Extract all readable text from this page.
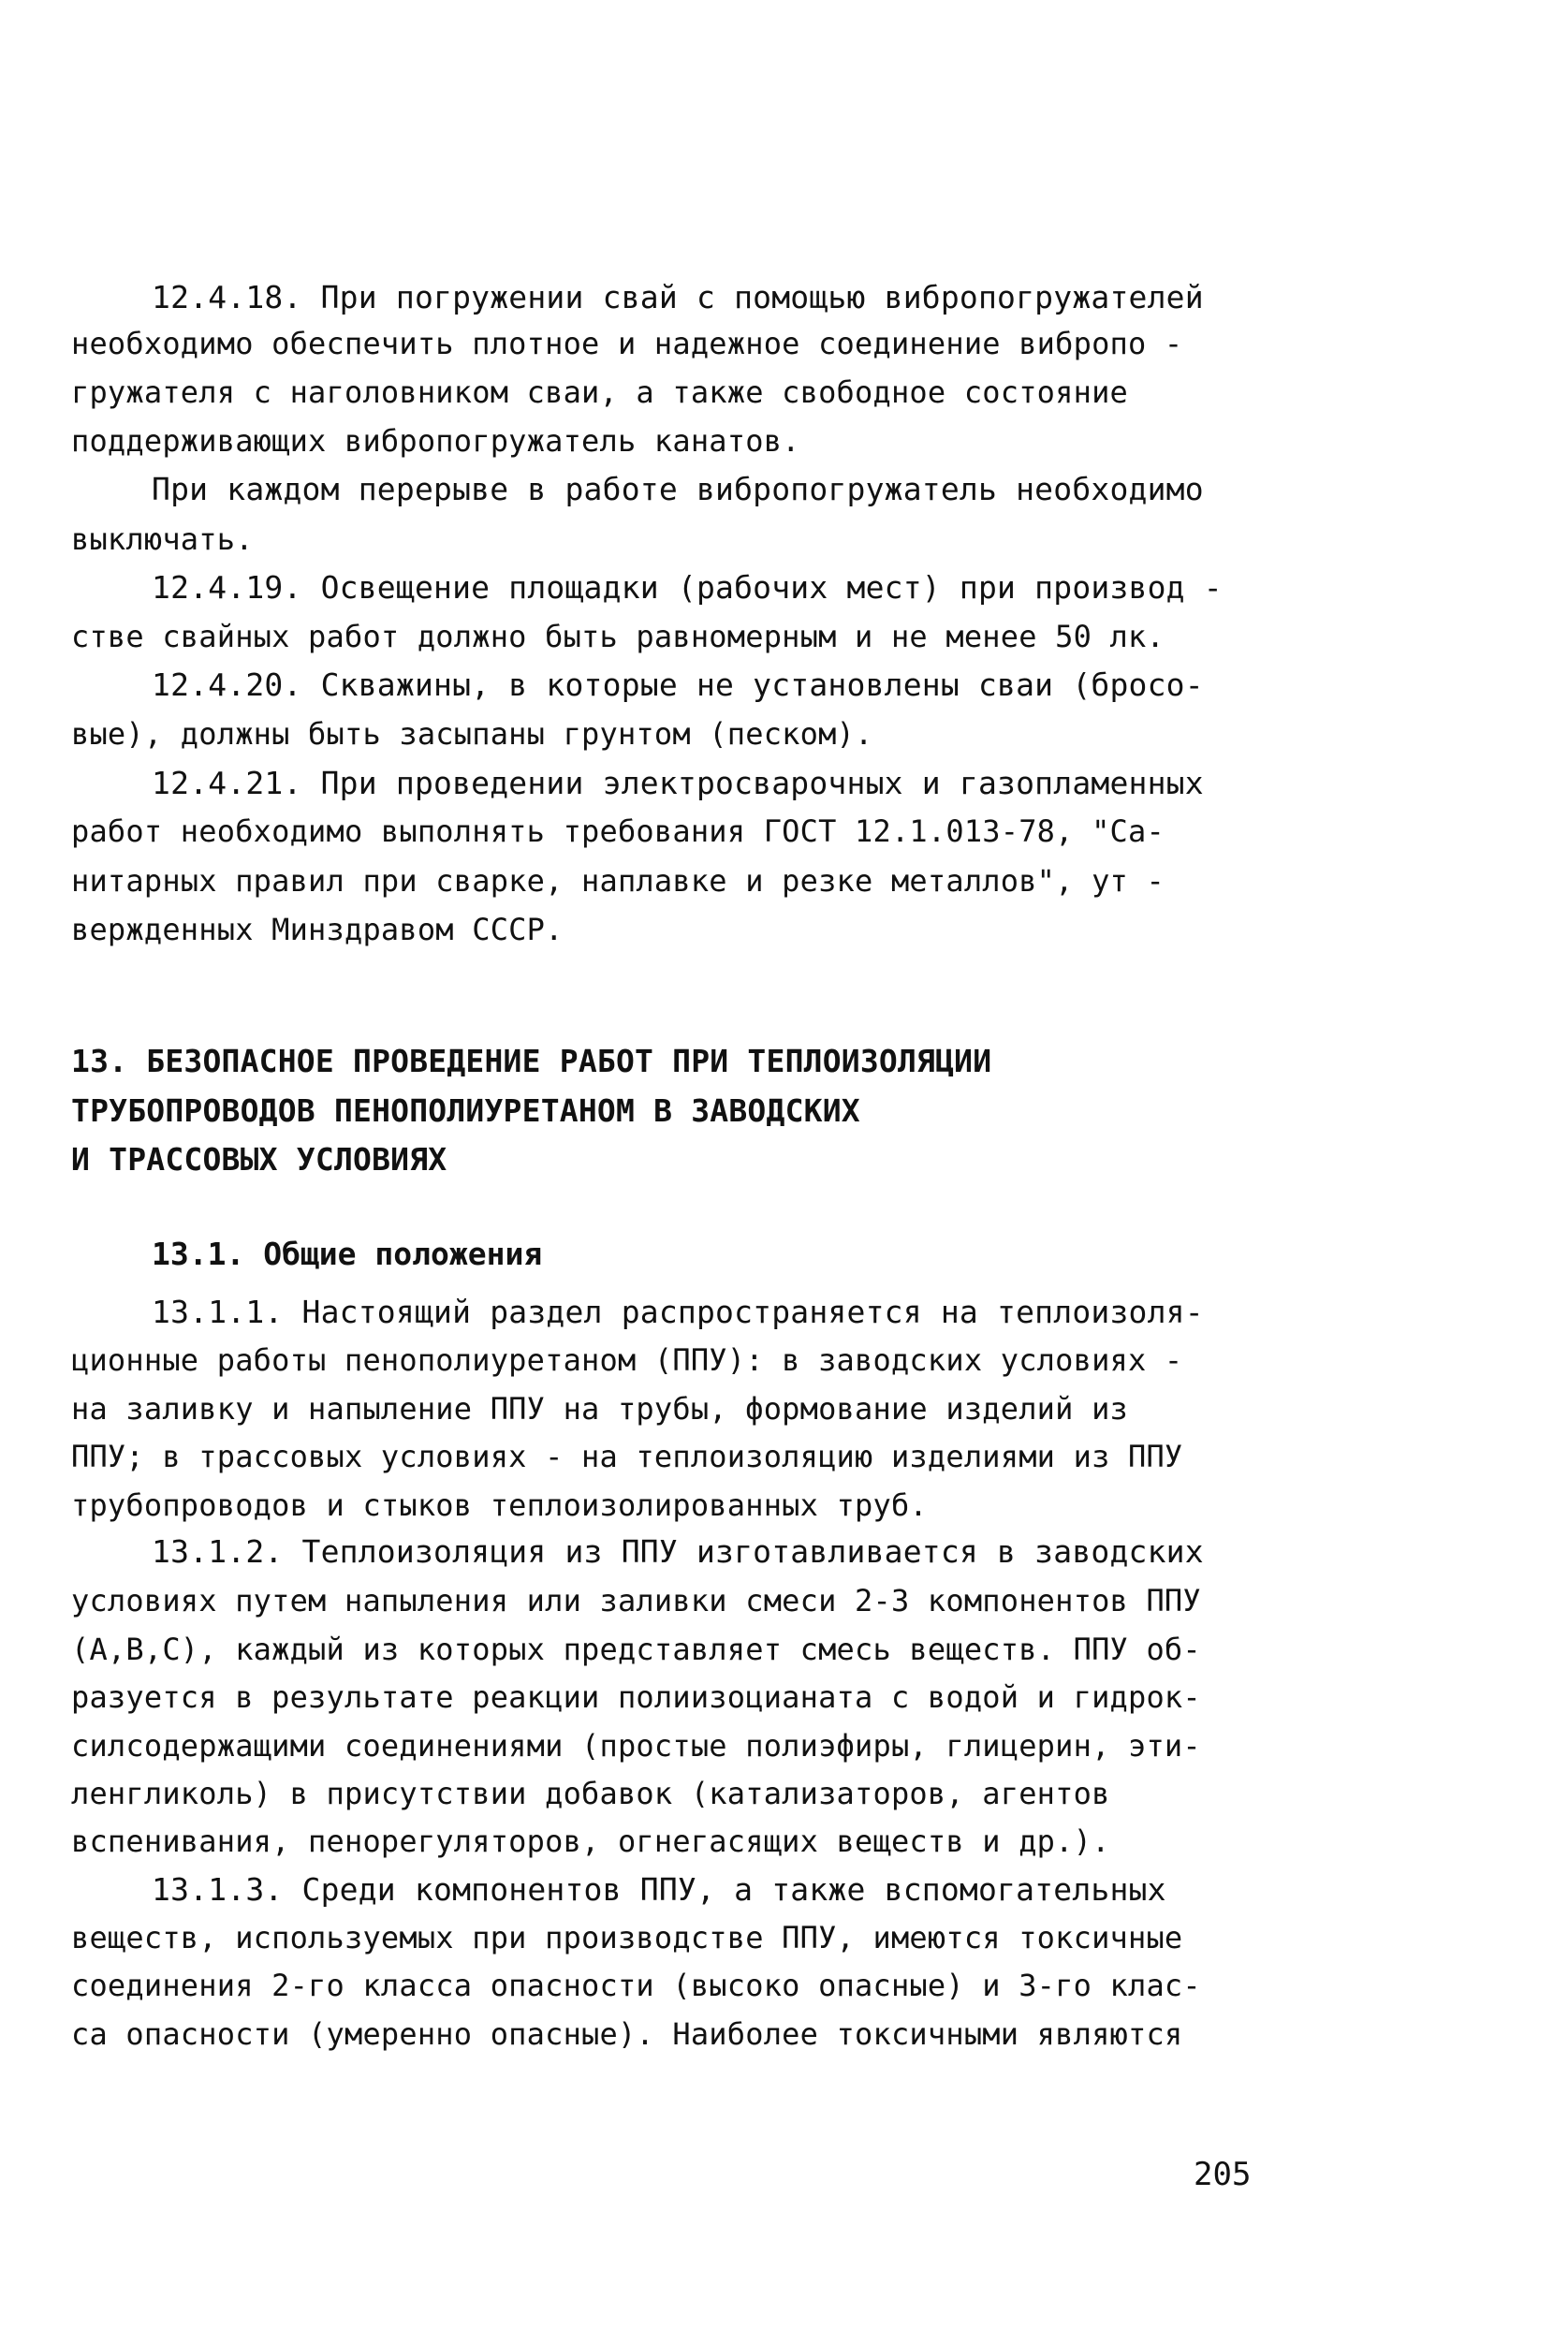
12.4.18. При погружении свай с помощью вибропогружателей
необходимо обеспечить плотное и надежное соединение вибропо -
гружателя с наголовником сваи, а также свободное состояние
поддерживающих вибропогружатель канатов.
При каждом перерыве в работе вибропогружатель необходимо
выключать.
12.4.19. Освещение площадки (рабочих мест) при производ -
стве свайных работ должно быть равномерным и не менее 50 лк.
12.4.20. Скважины, в которые не установлены сваи (бросо-
вые), должны быть засыпаны грунтом (песком).
12.4.21. При проведении электросварочных и газопламенных
работ необходимо выполнять требования ГОСТ 12.1.013-78, "Са-
нитарных правил при сварке, наплавке и резке металлов", ут -
вержденных Минздравом СССР.
13. БЕЗОПАСНОЕ ПРОВЕДЕНИЕ РАБОТ ПРИ ТЕПЛОИЗОЛЯЦИИ
ТРУБОПРОВОДОВ ПЕНОПОЛИУРЕТАНОМ В ЗАВОДСКИХ
И ТРАССОВЫХ УСЛОВИЯХ
13.1. Общие положения
13.1.1. Настоящий раздел распространяется на теплоизоля-
ционные работы пенополиуретаном (ППУ): в заводских условиях -
на заливку и напыление ППУ на трубы, формование изделий из
ППУ; в трассовых условиях - на теплоизоляцию изделиями из ППУ
трубопроводов и стыков теплоизолированных труб.
13.1.2. Теплоизоляция из ППУ изготавливается в заводских
условиях путем напыления или заливки смеси 2-3 компонентов ППУ
(А,В,С), каждый из которых представляет смесь веществ. ППУ об-
разуется в результате реакции полиизоцианата с водой и гидрок-
силсодержащими соединениями (простые полиэфиры, глицерин, эти-
ленгликоль) в присутствии добавок (катализаторов, агентов
вспенивания, пенорегуляторов, огнегасящих веществ и др.).
13.1.3. Среди компонентов ППУ, а также вспомогательных
веществ, используемых при производстве ППУ, имеются токсичные
соединения 2-го класса опасности (высоко опасные) и 3-го клас-
са опасности (умеренно опасные). Наиболее токсичными являются
205
